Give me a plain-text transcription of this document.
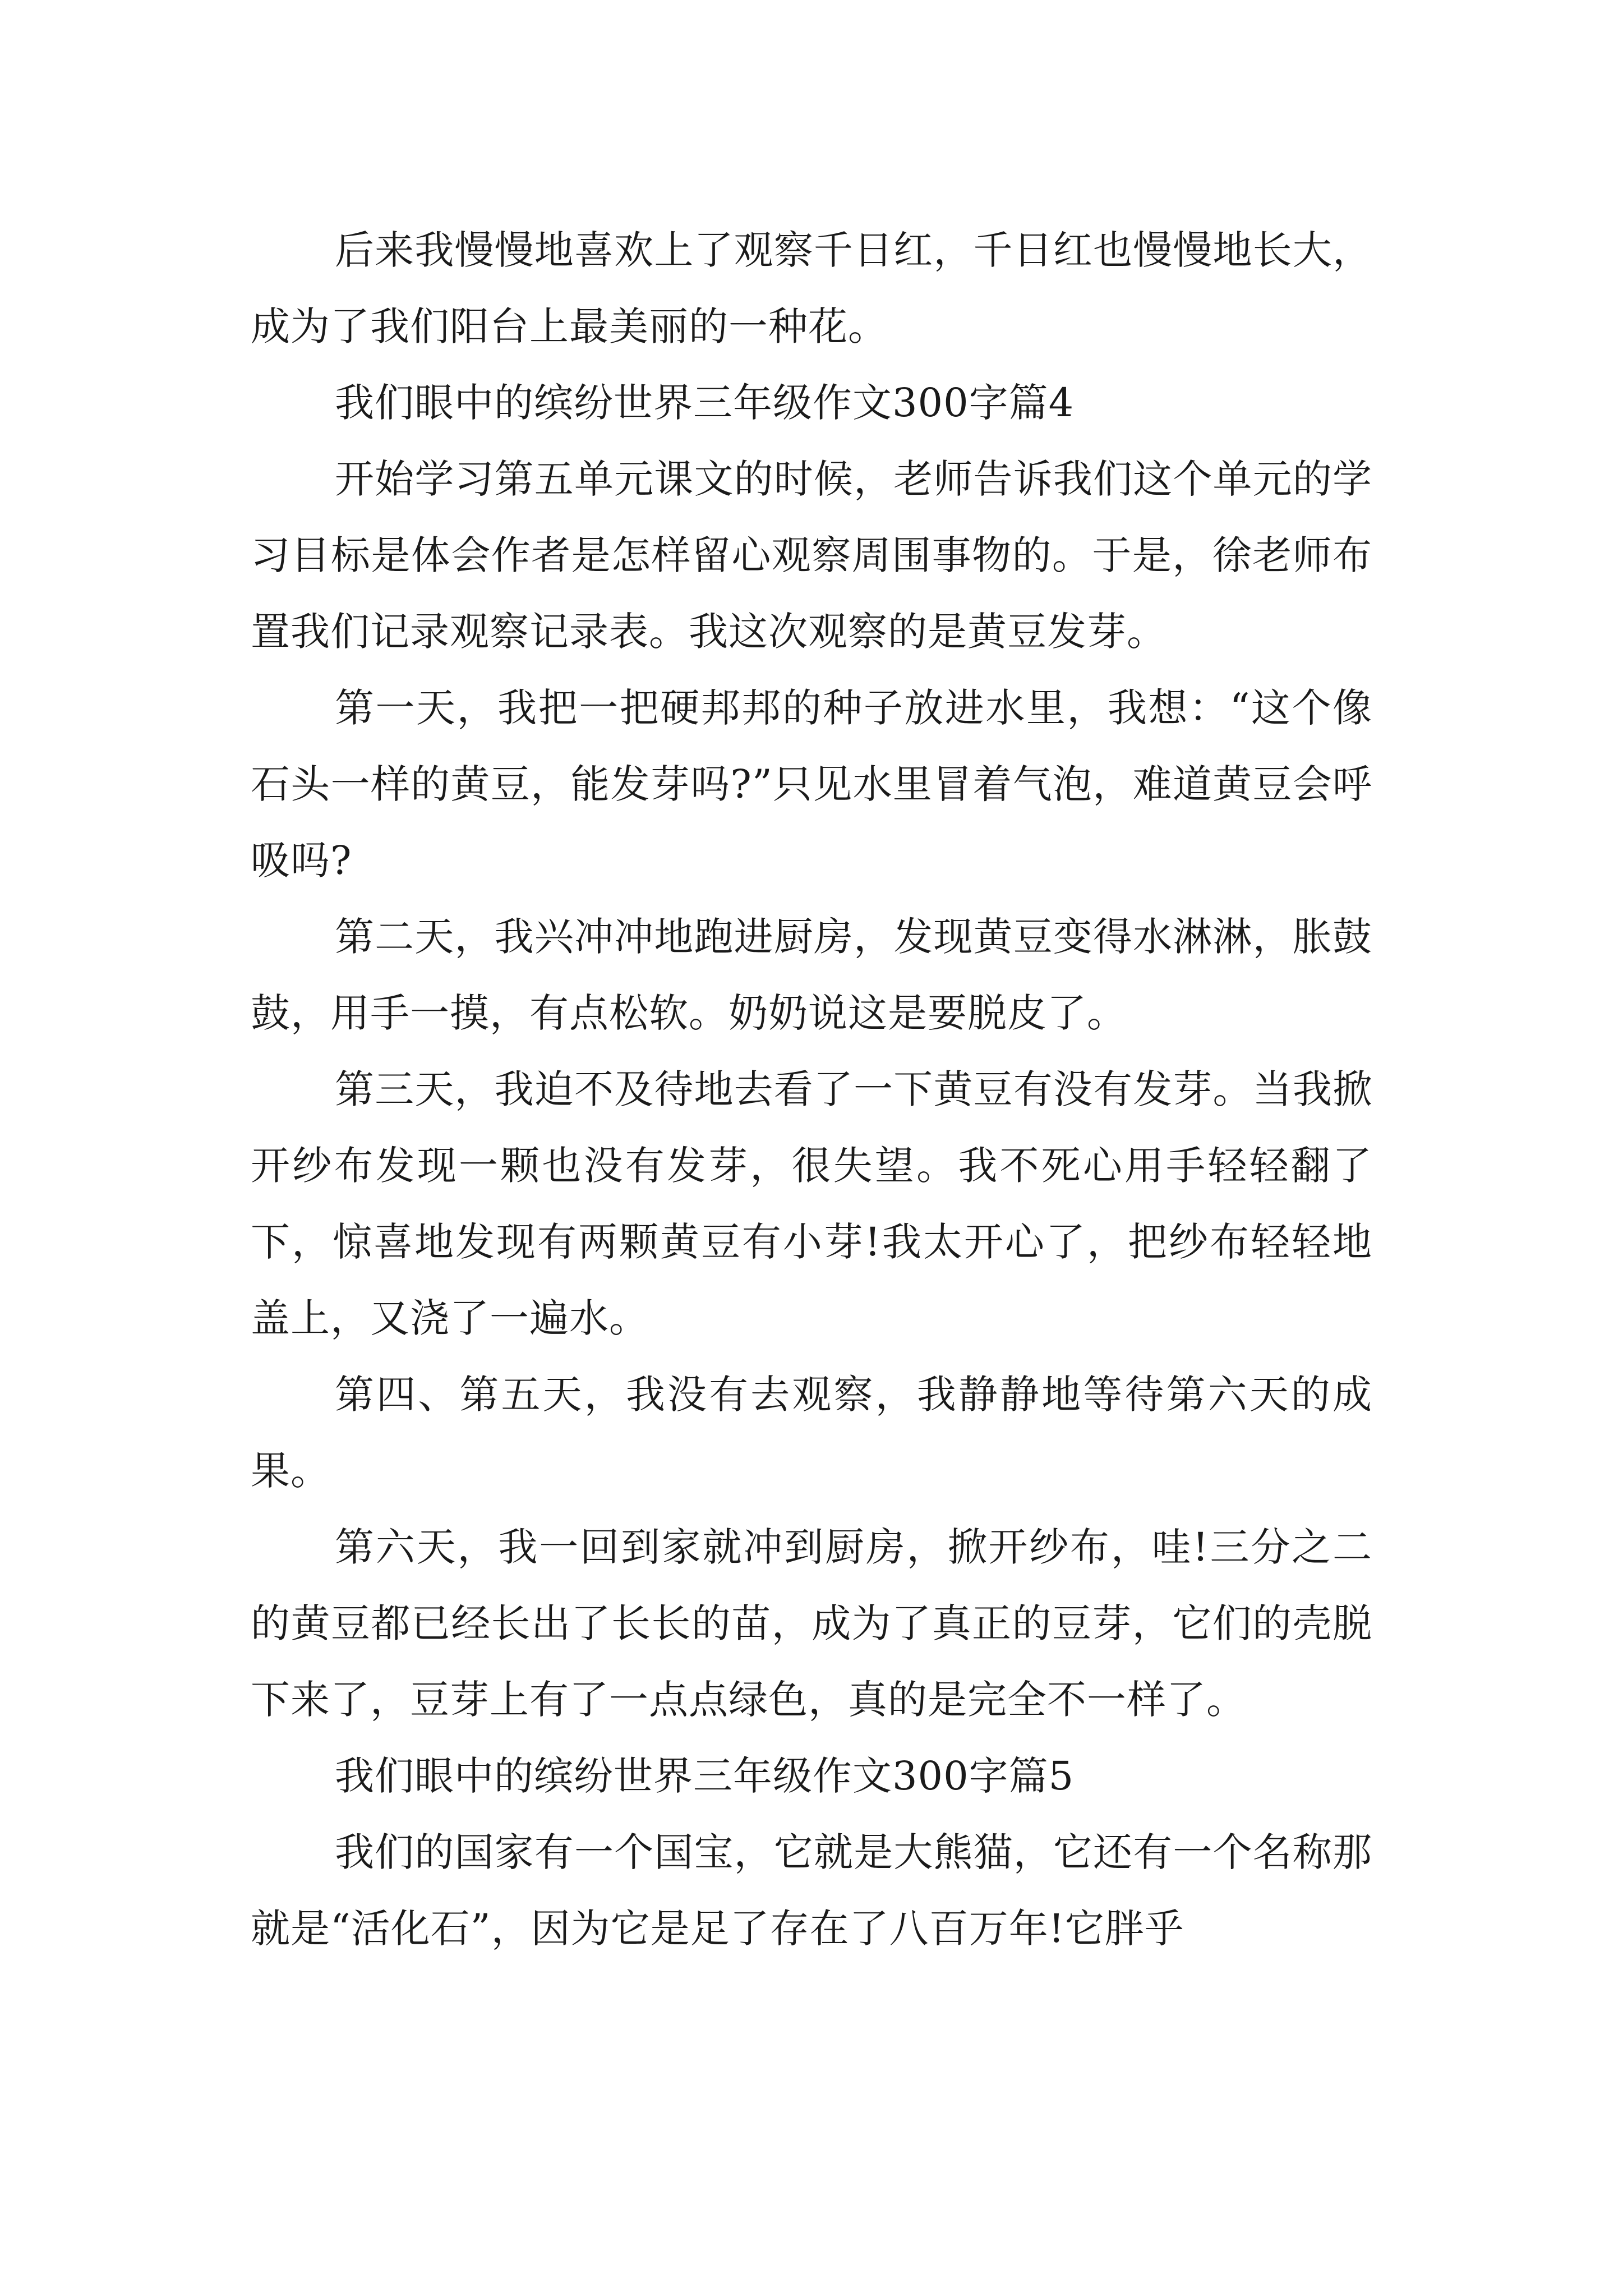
后来我慢慢地喜欢上了观察千日红，千日红也慢慢地长大，成为了我们阳台上最美丽的一种花。

我们眼中的缤纷世界三年级作文300字篇4

开始学习第五单元课文的时候，老师告诉我们这个单元的学习目标是体会作者是怎样留心观察周围事物的。于是，徐老师布置我们记录观察记录表。我这次观察的是黄豆发芽。

第一天，我把一把硬邦邦的种子放进水里，我想：“这个像石头一样的黄豆，能发芽吗?”只见水里冒着气泡，难道黄豆会呼吸吗?

第二天，我兴冲冲地跑进厨房，发现黄豆变得水淋淋，胀鼓鼓，用手一摸，有点松软。奶奶说这是要脱皮了。

第三天，我迫不及待地去看了一下黄豆有没有发芽。当我掀开纱布发现一颗也没有发芽，很失望。我不死心用手轻轻翻了下，惊喜地发现有两颗黄豆有小芽!我太开心了，把纱布轻轻地盖上，又浇了一遍水。

第四、第五天，我没有去观察，我静静地等待第六天的成果。

第六天，我一回到家就冲到厨房，掀开纱布，哇!三分之二的黄豆都已经长出了长长的苗，成为了真正的豆芽，它们的壳脱下来了，豆芽上有了一点点绿色，真的是完全不一样了。

我们眼中的缤纷世界三年级作文300字篇5

我们的国家有一个国宝，它就是大熊猫，它还有一个名称那就是“活化石”，因为它是足了存在了八百万年!它胖乎
